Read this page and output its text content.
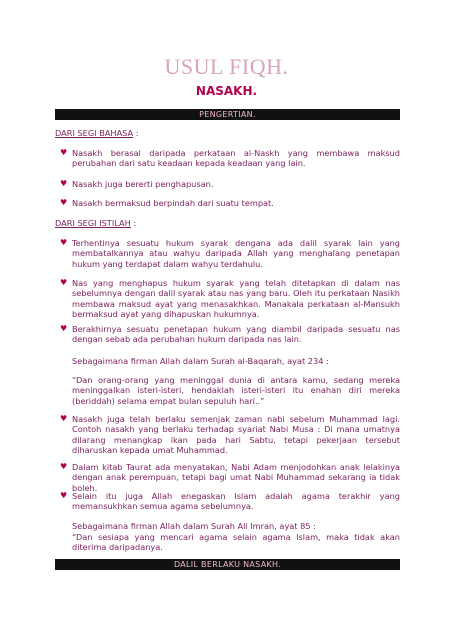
USUL FIQH.
NASAKH.
PENGERTIAN.
DARI SEGI BAHASA :
♥ Nasakh berasal daripada perkataan al-Naskh yang membawa maksud perubahan dari satu keadaan kepada keadaan yang lain.
♥ Nasakh juga bererti penghapusan.
♥ Nasakh bermaksud berpindah dari suatu tempat.
DARI SEGI ISTILAH :
♥ Terhentinya sesuatu hukum syarak dengana ada dalil syarak lain yang membatalkannya atau wahyu daripada Allah yang menghalang penetapan hukum yang terdapat dalam wahyu terdahulu.
♥ Nas yang menghapus hukum syarak yang telah ditetapkan di dalam nas sebelumnya dengan dalil syarak atau nas yang baru. Oleh itu perkataan Nasikh membawa maksud ayat yang menasakhkan. Manakala perkataan al-Mansukh bermaksud ayat yang dihapuskan hukumnya.
♥ Berakhirnya sesuatu penetapan hukum yang diambil daripada sesuatu nas dengan sebab ada perubahan hukum daripada nas lain.
Sebagaimana firman Allah dalam Surah al-Baqarah, ayat 234 :
“Dan orang-orang yang meninggal dunia di antara kamu, sedang mereka meninggalkan isteri-isteri, hendaklah isteri-isteri itu enahan diri mereka (beriddah) selama empat bulan sepuluh hari..”
♥ Nasakh juga telah berlaku semenjak zaman nabi sebelum Muhammad lagi. Contoh nasakh yang berlaku terhadap syariat Nabi Musa : Di mana umatnya dilarang menangkap ikan pada hari Sabtu, tetapi pekerjaan tersebut diharuskan kepada umat Muhammad.
♥ Dalam kitab Taurat ada menyatakan, Nabi Adam menjodohkan anak lelakinya dengan anak perempuan, tetapi bagi umat Nabi Muhammad sekarang ia tidak boleh.
♥ Selain itu juga Allah enegaskan Islam adalah agama terakhir yang memansukhkan semua agama sebelumnya.
Sebagaimana firman Allah dalam Surah Ali Imran, ayat 85 :
“Dan sesiapa yang mencari agama selain agama Islam, maka tidak akan diterima daripadanya.
DALIL BERLAKU NASAKH.
